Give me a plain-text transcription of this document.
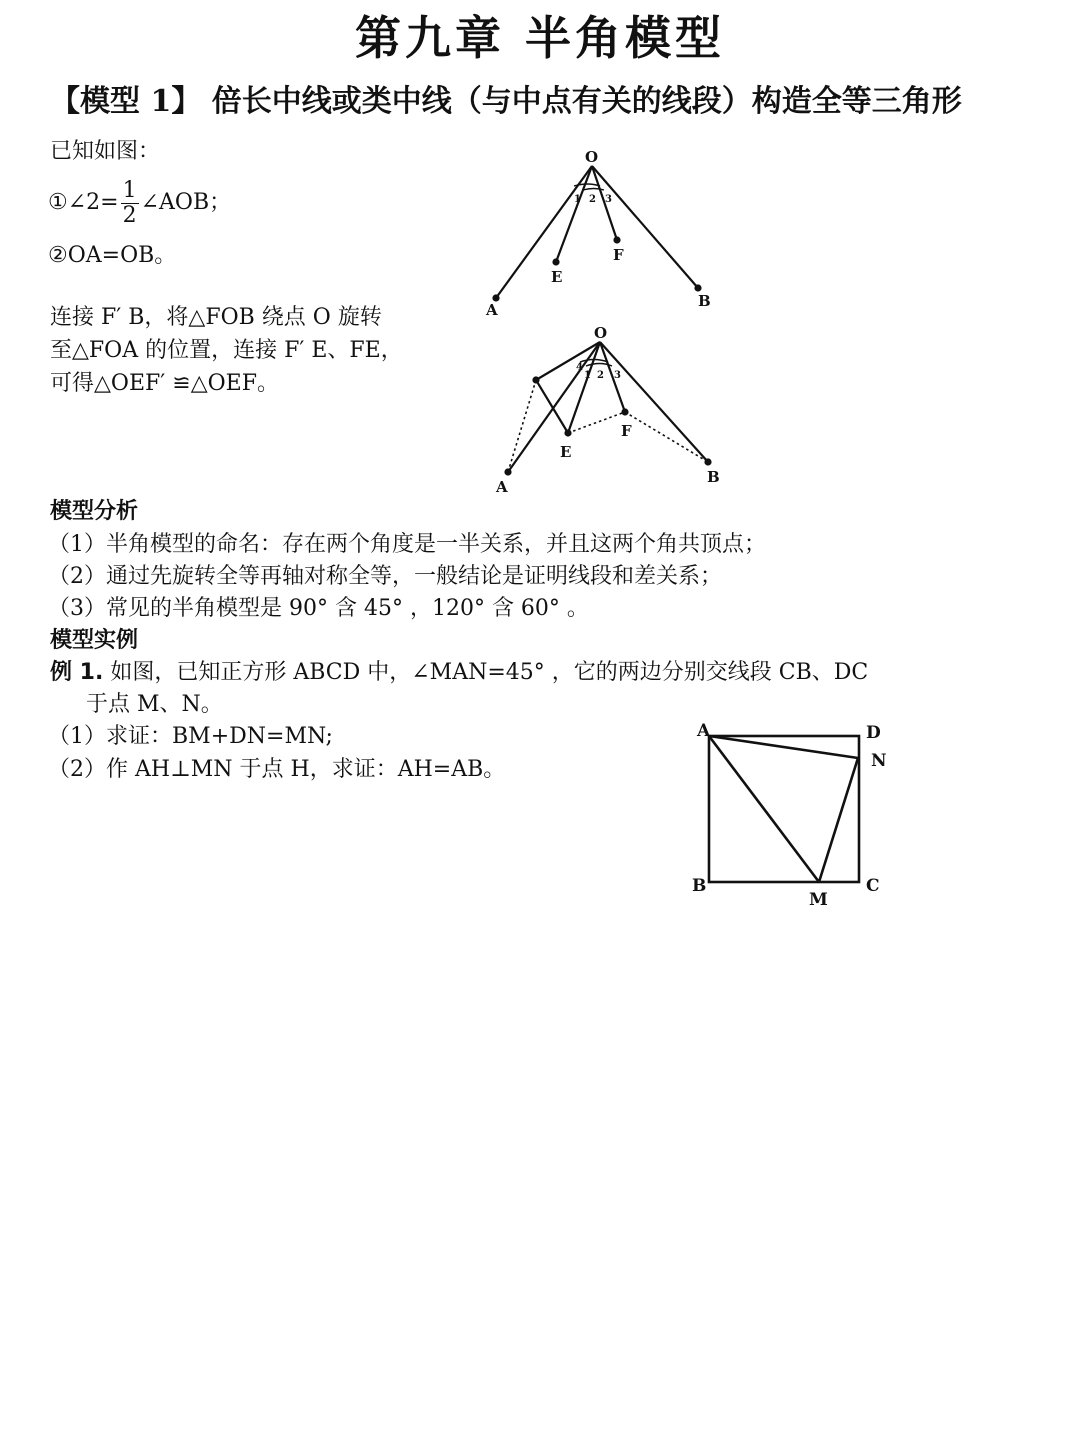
第九章 半角模型
【模型 1】 倍长中线或类中线（与中点有关的线段）构造全等三角形
已知如图：
①∠2= $\frac{1}{2}$ ∠AOB；
②OA=OB。
连接 F′ B，将△FOB 绕点 O 旋转
至△FOA 的位置，连接 F′ E、FE，
可得△OEF′ ≌△OEF。
O
A	B
E
F
1 2 3
O
A
B
E
F
4
1 2 3
A	D
N
B	C
M
模型分析
（1）半角模型的命名：存在两个角度是一半关系，并且这两个角共顶点；
（2）通过先旋转全等再轴对称全等，一般结论是证明线段和差关系；
（3）常见的半角模型是 90° 含 45° ，120° 含 60° 。
模型实例
例 1. 如图，已知正方形 ABCD 中，∠MAN=45° ，它的两边分别交线段 CB、DC
于点 M、N。
（1）求证：BM+DN=MN;
（2）作 AH⊥MN 于点 H，求证：AH=AB。
